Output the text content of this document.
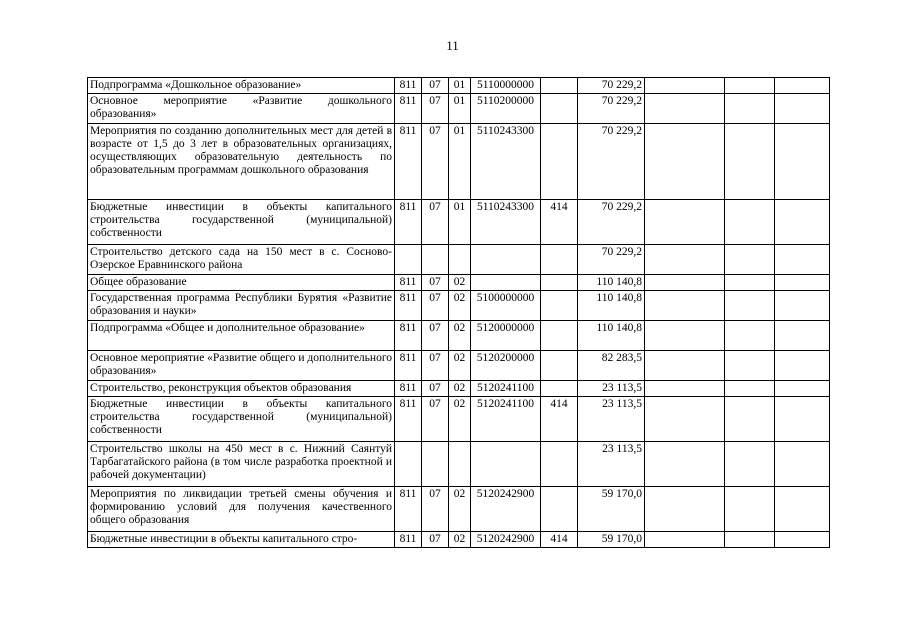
11
Подпрограмма «Дошкольное образование»	811	07	01	5110000000		70 229,2			
Основное мероприятие «Развитие дошкольного образования»	811	07	01	5110200000		70 229,2			
Мероприятия по созданию дополнительных мест для детей в возрасте от 1,5 до 3 лет в образовательных организациях, осуществляющих образовательную деятельность по образовательным программам дошкольного образования	811	07	01	5110243300		70 229,2			
Бюджетные инвестиции в объекты капитального строительства государственной (муниципальной) собственности	811	07	01	5110243300	414	70 229,2			
Строительство детского сада на 150 мест в с. Сосново-Озерское Еравнинского района						70 229,2			
Общее образование	811	07	02			110 140,8			
Государственная программа Республики Бурятия «Развитие образования и науки»	811	07	02	5100000000		110 140,8			
Подпрограмма «Общее и дополнительное образование»	811	07	02	5120000000		110 140,8			
Основное мероприятие «Развитие общего и дополнительного образования»	811	07	02	5120200000		82 283,5			
Строительство, реконструкция объектов образования	811	07	02	5120241100		23 113,5			
Бюджетные инвестиции в объекты капитального строительства государственной (муниципальной) собственности	811	07	02	5120241100	414	23 113,5			
Строительство школы на 450 мест в с. Нижний Саянтуй Тарбагатайского района (в том числе разработка проектной и рабочей документации)						23 113,5			
Мероприятия по ликвидации третьей смены обучения и формированию условий для получения качественного общего образования	811	07	02	5120242900		59 170,0			
Бюджетные инвестиции в объекты капитального стро-	811	07	02	5120242900	414	59 170,0			
